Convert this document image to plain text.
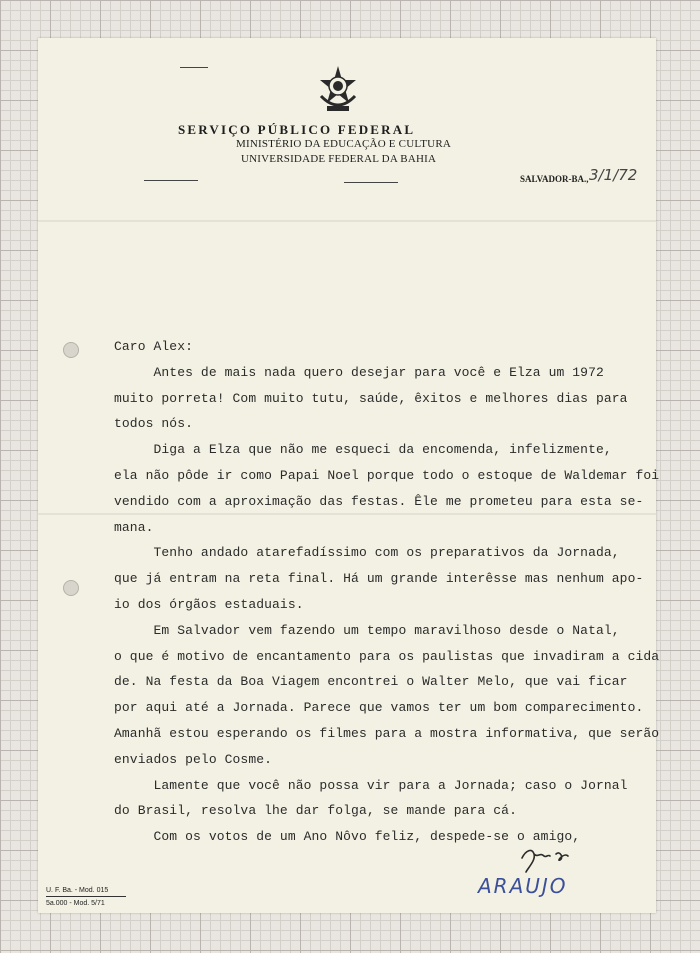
SERVIÇO PÚBLICO FEDERAL
MINISTÉRIO DA EDUCAÇÃO E CULTURA
UNIVERSIDADE FEDERAL DA BAHIA
SALVADOR-BA., 3/1/72

Caro Alex:

Antes de mais nada quero desejar para você e Elza um 1972

muito porreta! Com muito tutu, saúde, êxitos e melhores dias para

todos nós.

Diga a Elza que não me esqueci da encomenda, infelizmente,

ela não pôde ir como Papai Noel porque todo o estoque de Waldemar foi

vendido com a aproximação das festas. Êle me prometeu para esta se-

mana.

Tenho andado atarefadíssimo com os preparativos da Jornada,

que já entram na reta final. Há um grande interêsse mas nenhum apo-

io dos órgãos estaduais.

Em Salvador vem fazendo um tempo maravilhoso desde o Natal,

o que é motivo de encantamento para os paulistas que invadiram a cida

de. Na festa da Boa Viagem encontrei o Walter Melo, que vai ficar

por aqui até a Jornada. Parece que vamos ter um bom comparecimento.

Amanhã estou esperando os filmes para a mostra informativa, que serão

enviados pelo Cosme.

Lamente que você não possa vir para a Jornada; caso o Jornal

do Brasil, resolva lhe dar folga, se mande para cá.

Com os votos de um Ano Nôvo feliz, despede-se o amigo,

ARAUJO
U. F. Ba. - Mod. 015
5a.000 - Mod. 5/71
